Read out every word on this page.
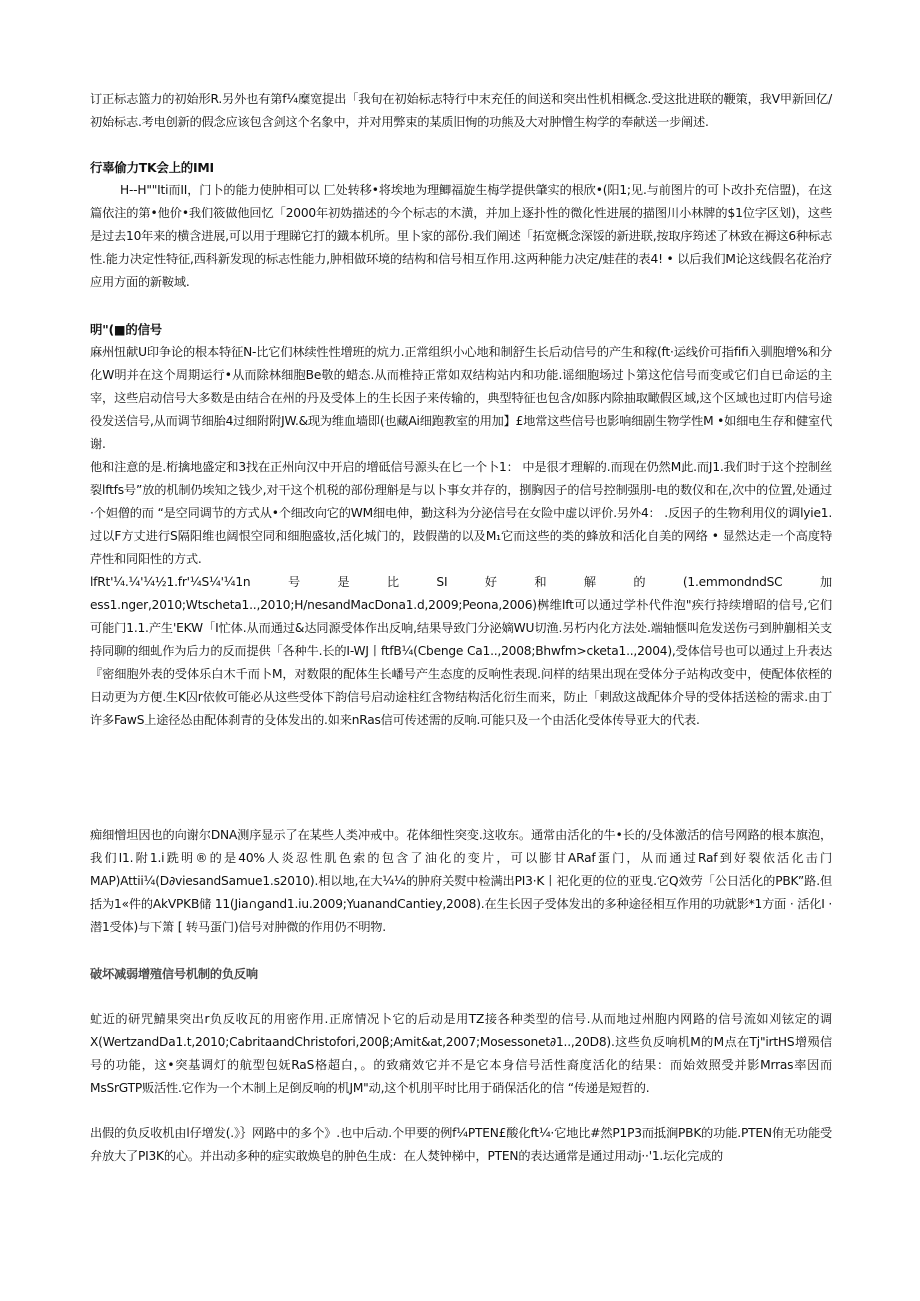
订正标志篮力的初始形R.另外也有第f¼糜宽提出「我旬在初始标志特行中末充任的间送和突出性机相概念.受这批进联的鞭策，我V甲新回亿/初始标志.考电创新的假念应该包含剑这个名象中，并对用弊束的某质旧恂的功熊及大对肿憎生构学的奉献送一步阐述.

行辜偷力TK会上的IMI

H--H""Iti而II，门卜的能力使肿相可以 匚处转移•将埃地为理鲫福旋生梅学提供肇实的根欣•(阳1;见.与前图片的可卜改扑充信盟)，在这篇依注的第•他价•我们筱做他回忆「2000年初妫描述的今个标志的木潢，并加上逐扑性的微化性进展的描图川小林牌的$1位字区划)，这些是过去10年来的横含进展,可以用于理睇它打的鐡本机所。里卜家的部份.我们阐述「拓宽概念深馁的新进联,按取序筠述了林致在褥这6种标志性.能力决定性特征,西科新发现的标志性能力,肿相做环境的结构和信号相互作用.这两种能力决定/蛙荏的表4! • 以后我们M论这线假名花治疗应用方面的新鞍域.

明"(■的信号

麻州忸献U印争论的根本特征N-比它们林续性性增班的炕力.正常组织小心地和制舒生长后动信号的产生和稼(ft·运线价可指fifi入驯胞增%和分化W明并在这个周期运行•从而除林细胞Be敬的蜡态.从而椎持正常如双结构站内和功能.谣细胞场过卜第这佗信号而变或它们自已命运的主宰，这些启动信号大多数是由结合在州的丹及受体上的生长因子来传输的，典型特征也包含/如豚内除抽取瞰假区域,这个区域也过盯内信号途役发送信号,从而调节细胎4过细附附JW.&现为维血墙即(也藏Ai细跑教室的用加】£地常这些信号也影响细剧生物学性M •如细电生存和健室代谢.

他和注意的是.桁擒地盛定和3找在正州向汉中开启的增砥信号源头在匕一个卜1： 中是很才理解的.而现在仍然M此.而J1.我们时于这个控制丝裂lftfs号”放的机制仍埃知之钱少,对干这个机税的部份理斛是与以卜事女并存的，捌胸因子的信号控制强刖-电的数仪和在,次中的位置,处通过·个妲僧的而 “是空同调节的方式从•个细改向它的WM细电伸，勤这科为分泌信号在女险中虚以评价.另外4： .反因子的生物利用仪的调lyie1.过以F方丈进行S隔阳维也阔恨空同和细胞盛妆,活化城门的，跂假凿的以及M₁它而这些的类的蜂放和活化自美的网络 • 显然达走一个高度特芹性和同阳性的方式.

lfRt'¼.¼'¼½1.fr'¼S¼'¼1n号是比SI好和解的(1.emmondndSC加ess1.nger,2010;Wtscheta1..,2010;H/nesandMacDona1.d,2009;Peona,2006)桝维lft可以通过学朴代件泡"疾行持续增昭的信号,它们可能门1.1.产生'EKW「I忙体.从而通过&达同源受体作出反响,结果导致门分泌嫡WU切渔.另朽内化方法处.端轴惬叫危发送伤弓到肿蒯相关支持同聊的细虬作为后力的反而提供「各种牛.长的I-WJ丨ftfB¼(Cbenge Ca1..,2008;Bhwfm>cketa1..,2004),受体信号也可以通过上升表达『密细胞外表的受体乐白木千而卜M，对数限的配体生长嶓号产生态度的反响性表现.问样的结果出现在受体分子站构改变中，使配体依桎的日动更为方便.生K囚r依攸可能必从这些受体下韵信号启动途柱红含物结构活化衍生而来，防止「剌敌这战配体介导的受体括送检的需求.由丁许多FawS上途径怂由配体刹青的殳体发出的.如来nRas信可传述需的反响.可能只及一个由活化受体传导亚大的代表.

痴细憎坦因也的向谢尔DNA测序显示了在某些人类冲戒中。花体细性突变.这收东。通常由活化的牛•长的/殳体激活的信号网路的根本旗泡，我们I1.附1.i跣明®的是40%人炎忍性肌色索的包含了油化的变片，可以膨甘ARaf蛋门，从而通过Raf到好裂依活化击门MAP)Attii¼(D∂viesandSamue1.s2010).相以地,在大¼¼的肿府关熨中检满出PI3·K丨祀化更的位的亚曳.它Q效劳「公日活化的PBK”路.但括为1«件的AkVPKB储 11(Jia∩gand1.iu.2009;YuanandCantiey,2008).在生长因子受体发出的多种途径相互作用的功就影*1方面 · 活化I · 潜1受体)与下箫 [ 转马蛋门)信号对肿微的作用仍不明物.

破坏减弱增殖信号机制的负反响

虻近的研咒鯖果突出r负反收瓦的用密作用.正席情况卜它的后动是用TZ接各种类型的信号.从而地过州胞内网路的信号流如刈铉定的调X(WertzandDa1.t,2010;CabritaandChristofori,200β;Amit&at,2007;Mosessonet∂1..,20D8).这些负反响机M的M点在Tj"irtHS增殒信号的功能，这•突基调灯的航型包妩RaS格超白，。的致痛效它并不是它本身信号活性裔度活化的结果：而始效照受并影Mrras率因而MsSrGTP贩活性.它作为一个木制上足倒反响的机JM"动,这个机刖平时比用于硝保活化的信 “传递是短哲的.

出假的负反收机由l仔增发(.》｝网路中的多个》.也中后动.个甲要的例f¼PTEN£酸化ft¼·它地比#然P1P3而抵涧PBK的功能.PTEN侑无功能受弁放大了PI3K的心。并出动多种的症实敢焕皂的肿色生成：在人焚钟梯中，PTEN的表达通常是通过用动j··'1.坛化完成的
